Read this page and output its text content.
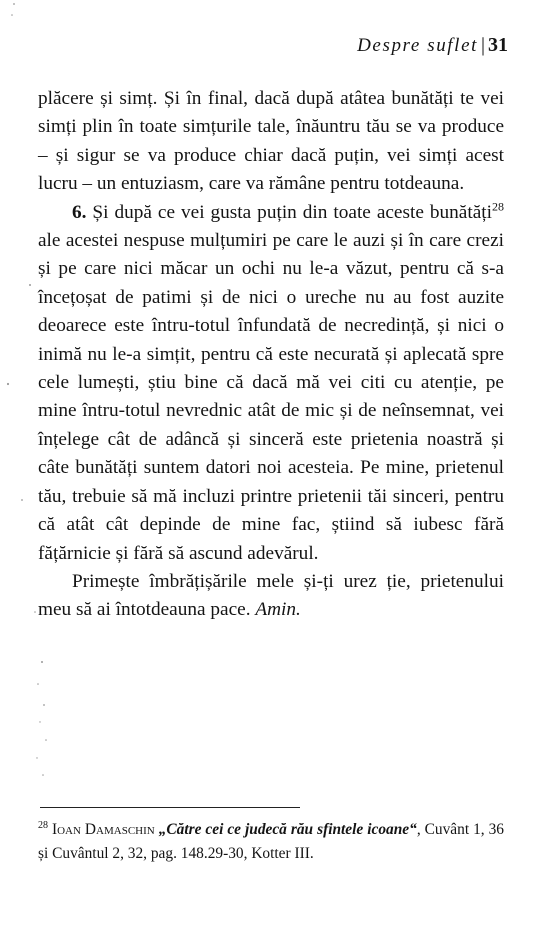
Despre suflet | 31

plăcere și simț. Și în final, dacă după atâtea bunătăți te vei simți plin în toate simțurile tale, înăuntru tău se va produce – și sigur se va produce chiar dacă puțin, vei simți acest lucru – un entuziasm, care va rămâne pentru totdeauna.

6. Și după ce vei gusta puțin din toate aceste bunătăți$^{28}$ ale acestei nespuse mulțumiri pe care le auzi și în care crezi și pe care nici măcar un ochi nu le-a văzut, pentru că s-a încețoșat de patimi și de nici o ureche nu au fost auzite deoarece este întru-totul înfundată de necredință, și nici o inimă nu le-a simțit, pentru că este necurată și aplecată spre cele lumești, știu bine că dacă mă vei citi cu atenție, pe mine întru-totul nevrednic atât de mic și de neînsemnat, vei înțelege cât de adâncă și sinceră este prietenia noastră și câte bunătăți suntem datori noi acesteia. Pe mine, prietenul tău, trebuie să mă incluzi printre prietenii tăi sinceri, pentru că atât cât depinde de mine fac, știind să iubesc fără fățărnicie și fără să ascund adevărul.

Primește îmbrățișările mele și-ți urez ție, prietenului meu să ai întotdeauna pace. Amin.

$^{28}$ Ioan Damaschin „Către cei ce judecă rău sfintele icoane“, Cuvânt 1, 36 și Cuvântul 2, 32, pag. 148.29-30, Kotter III.
